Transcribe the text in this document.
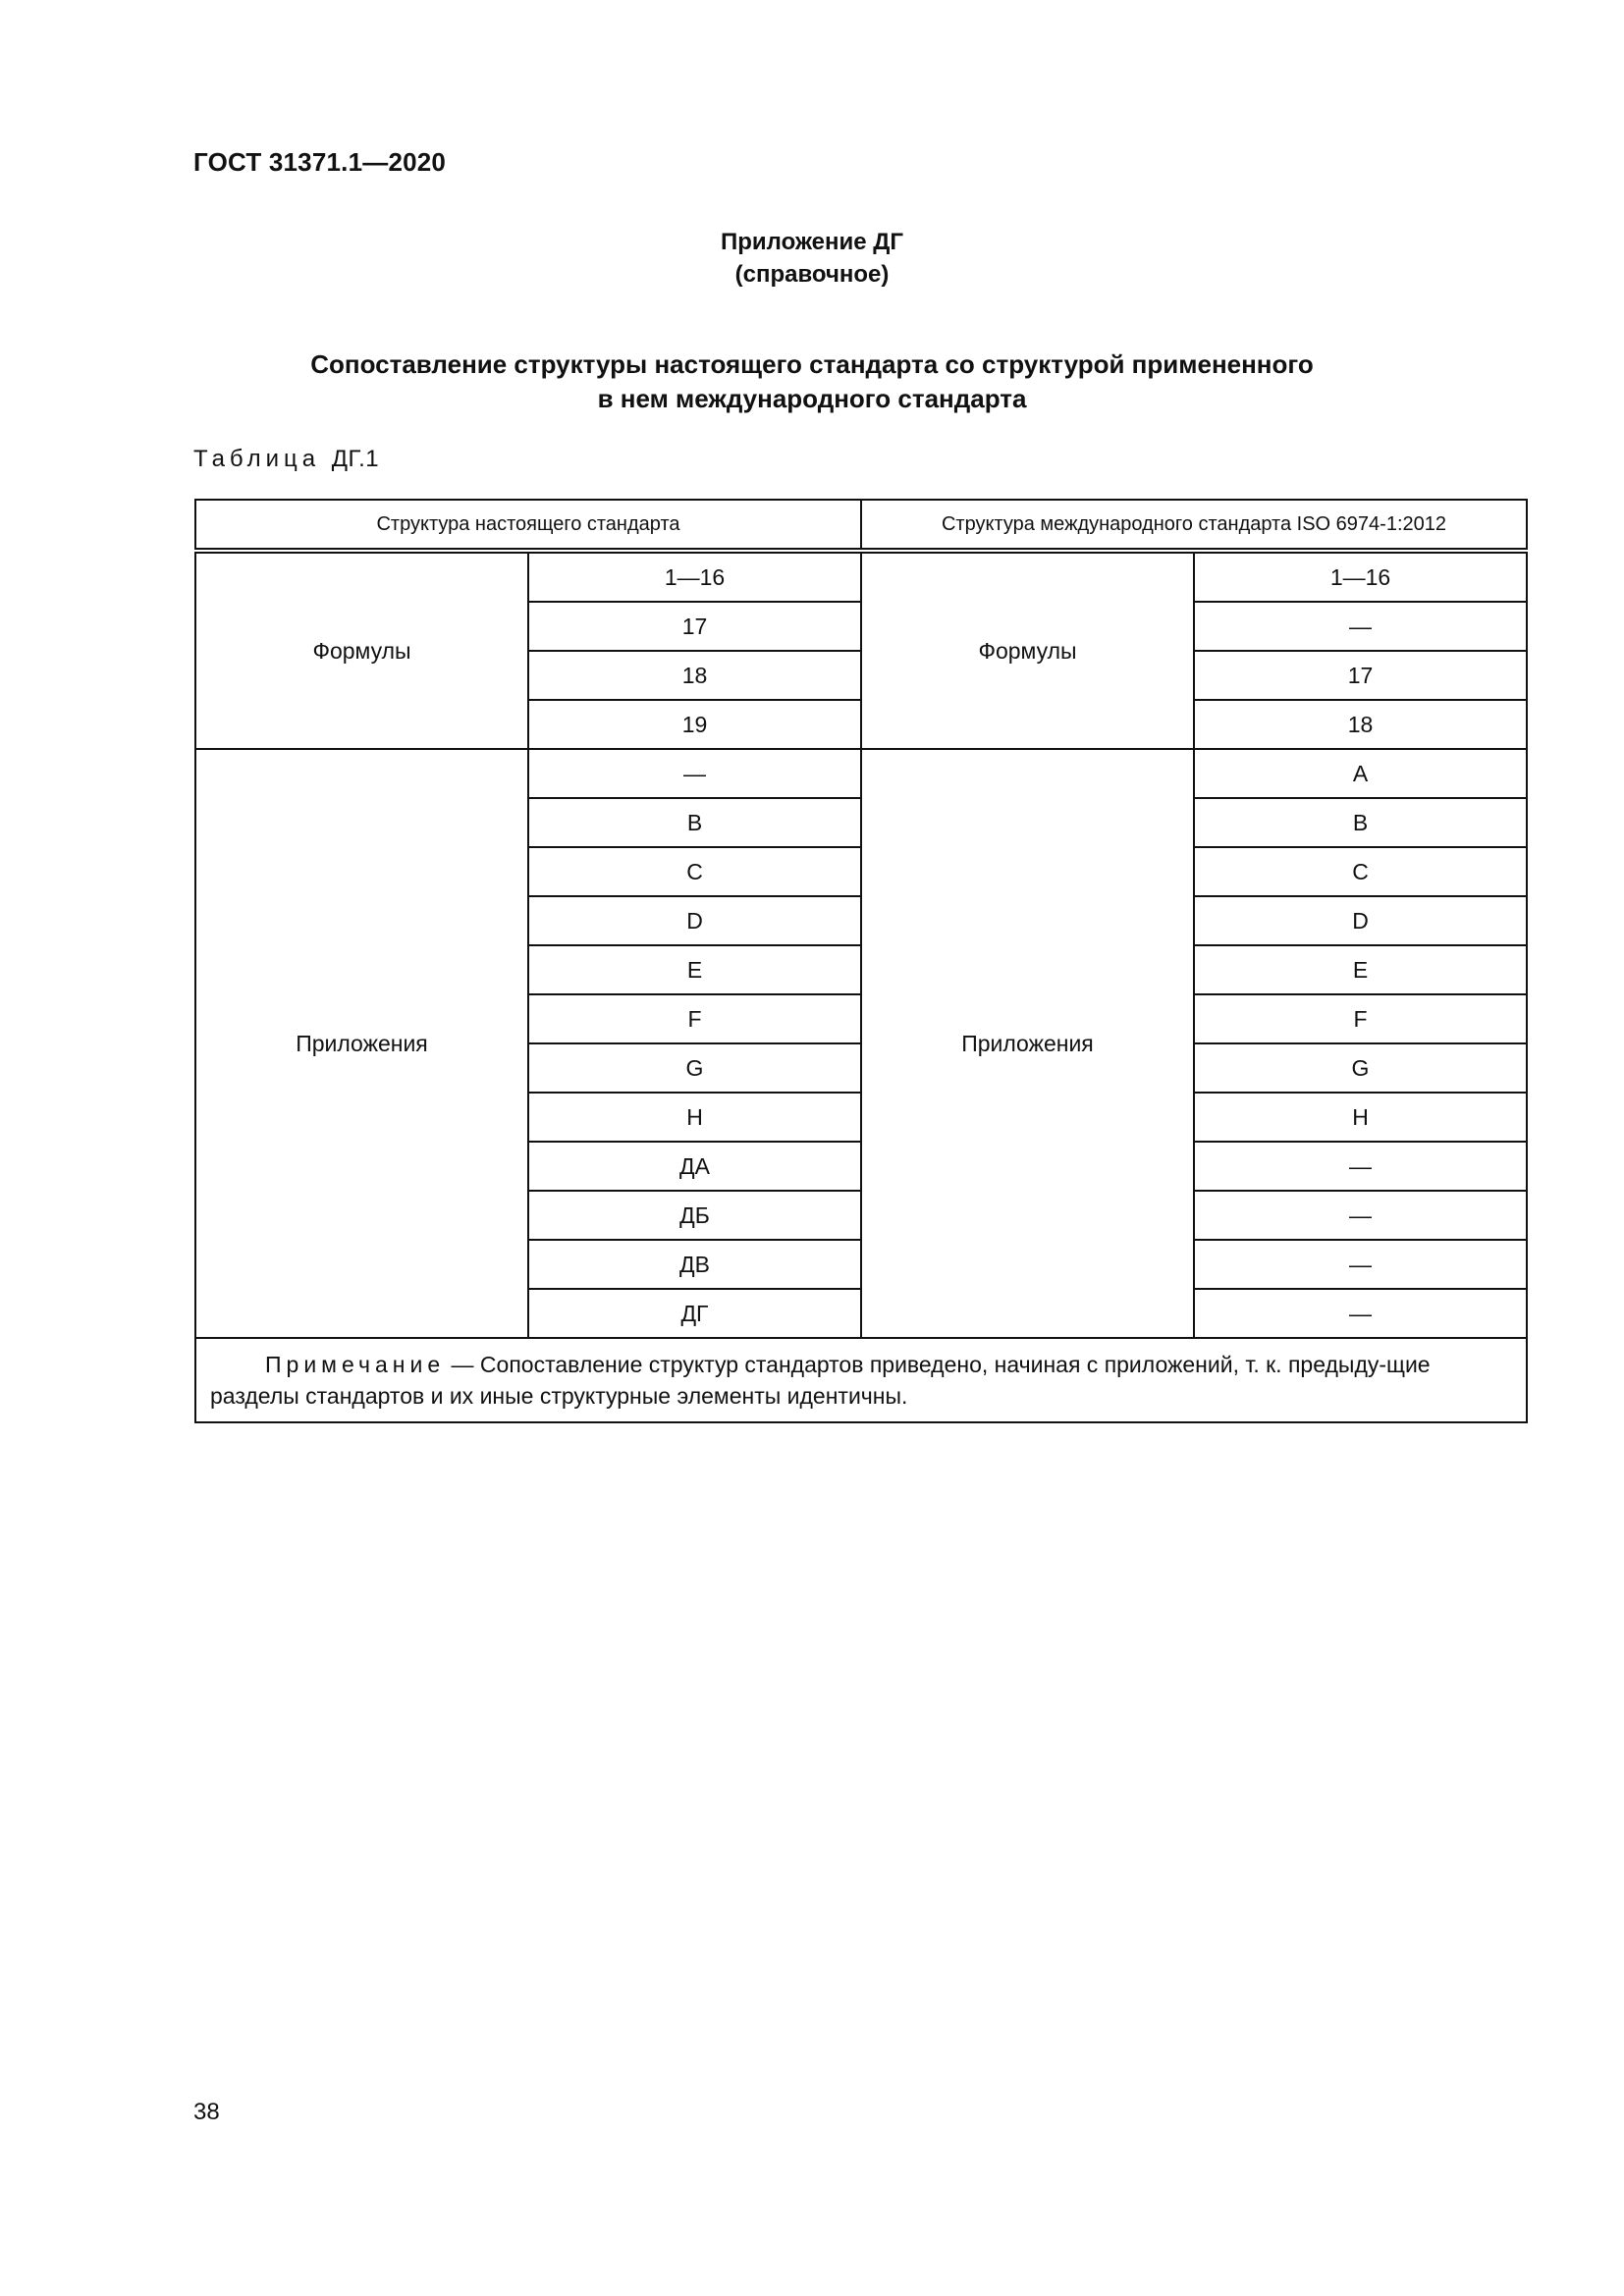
ГОСТ 31371.1—2020
Приложение ДГ
(справочное)
Сопоставление структуры настоящего стандарта со структурой примененного
в нем международного стандарта
Таблица ДГ.1
Структура настоящего стандарта		Структура международного стандарта ISO 6974-1:2012	
Формулы	1—16	Формулы	1—16
	17		—
	18		17
	19		18
Приложения	—	Приложения	A
	B		B
	C		C
	D		D
	E		E
	F		F
	G		G
	H		H
	ДА		—
	ДБ		—
	ДВ		—
	ДГ		—
Примечание — Сопоставление структур стандартов приведено, начиная с приложений, т. к. предыду-щие разделы стандартов и их иные структурные элементы идентичны.			
38
